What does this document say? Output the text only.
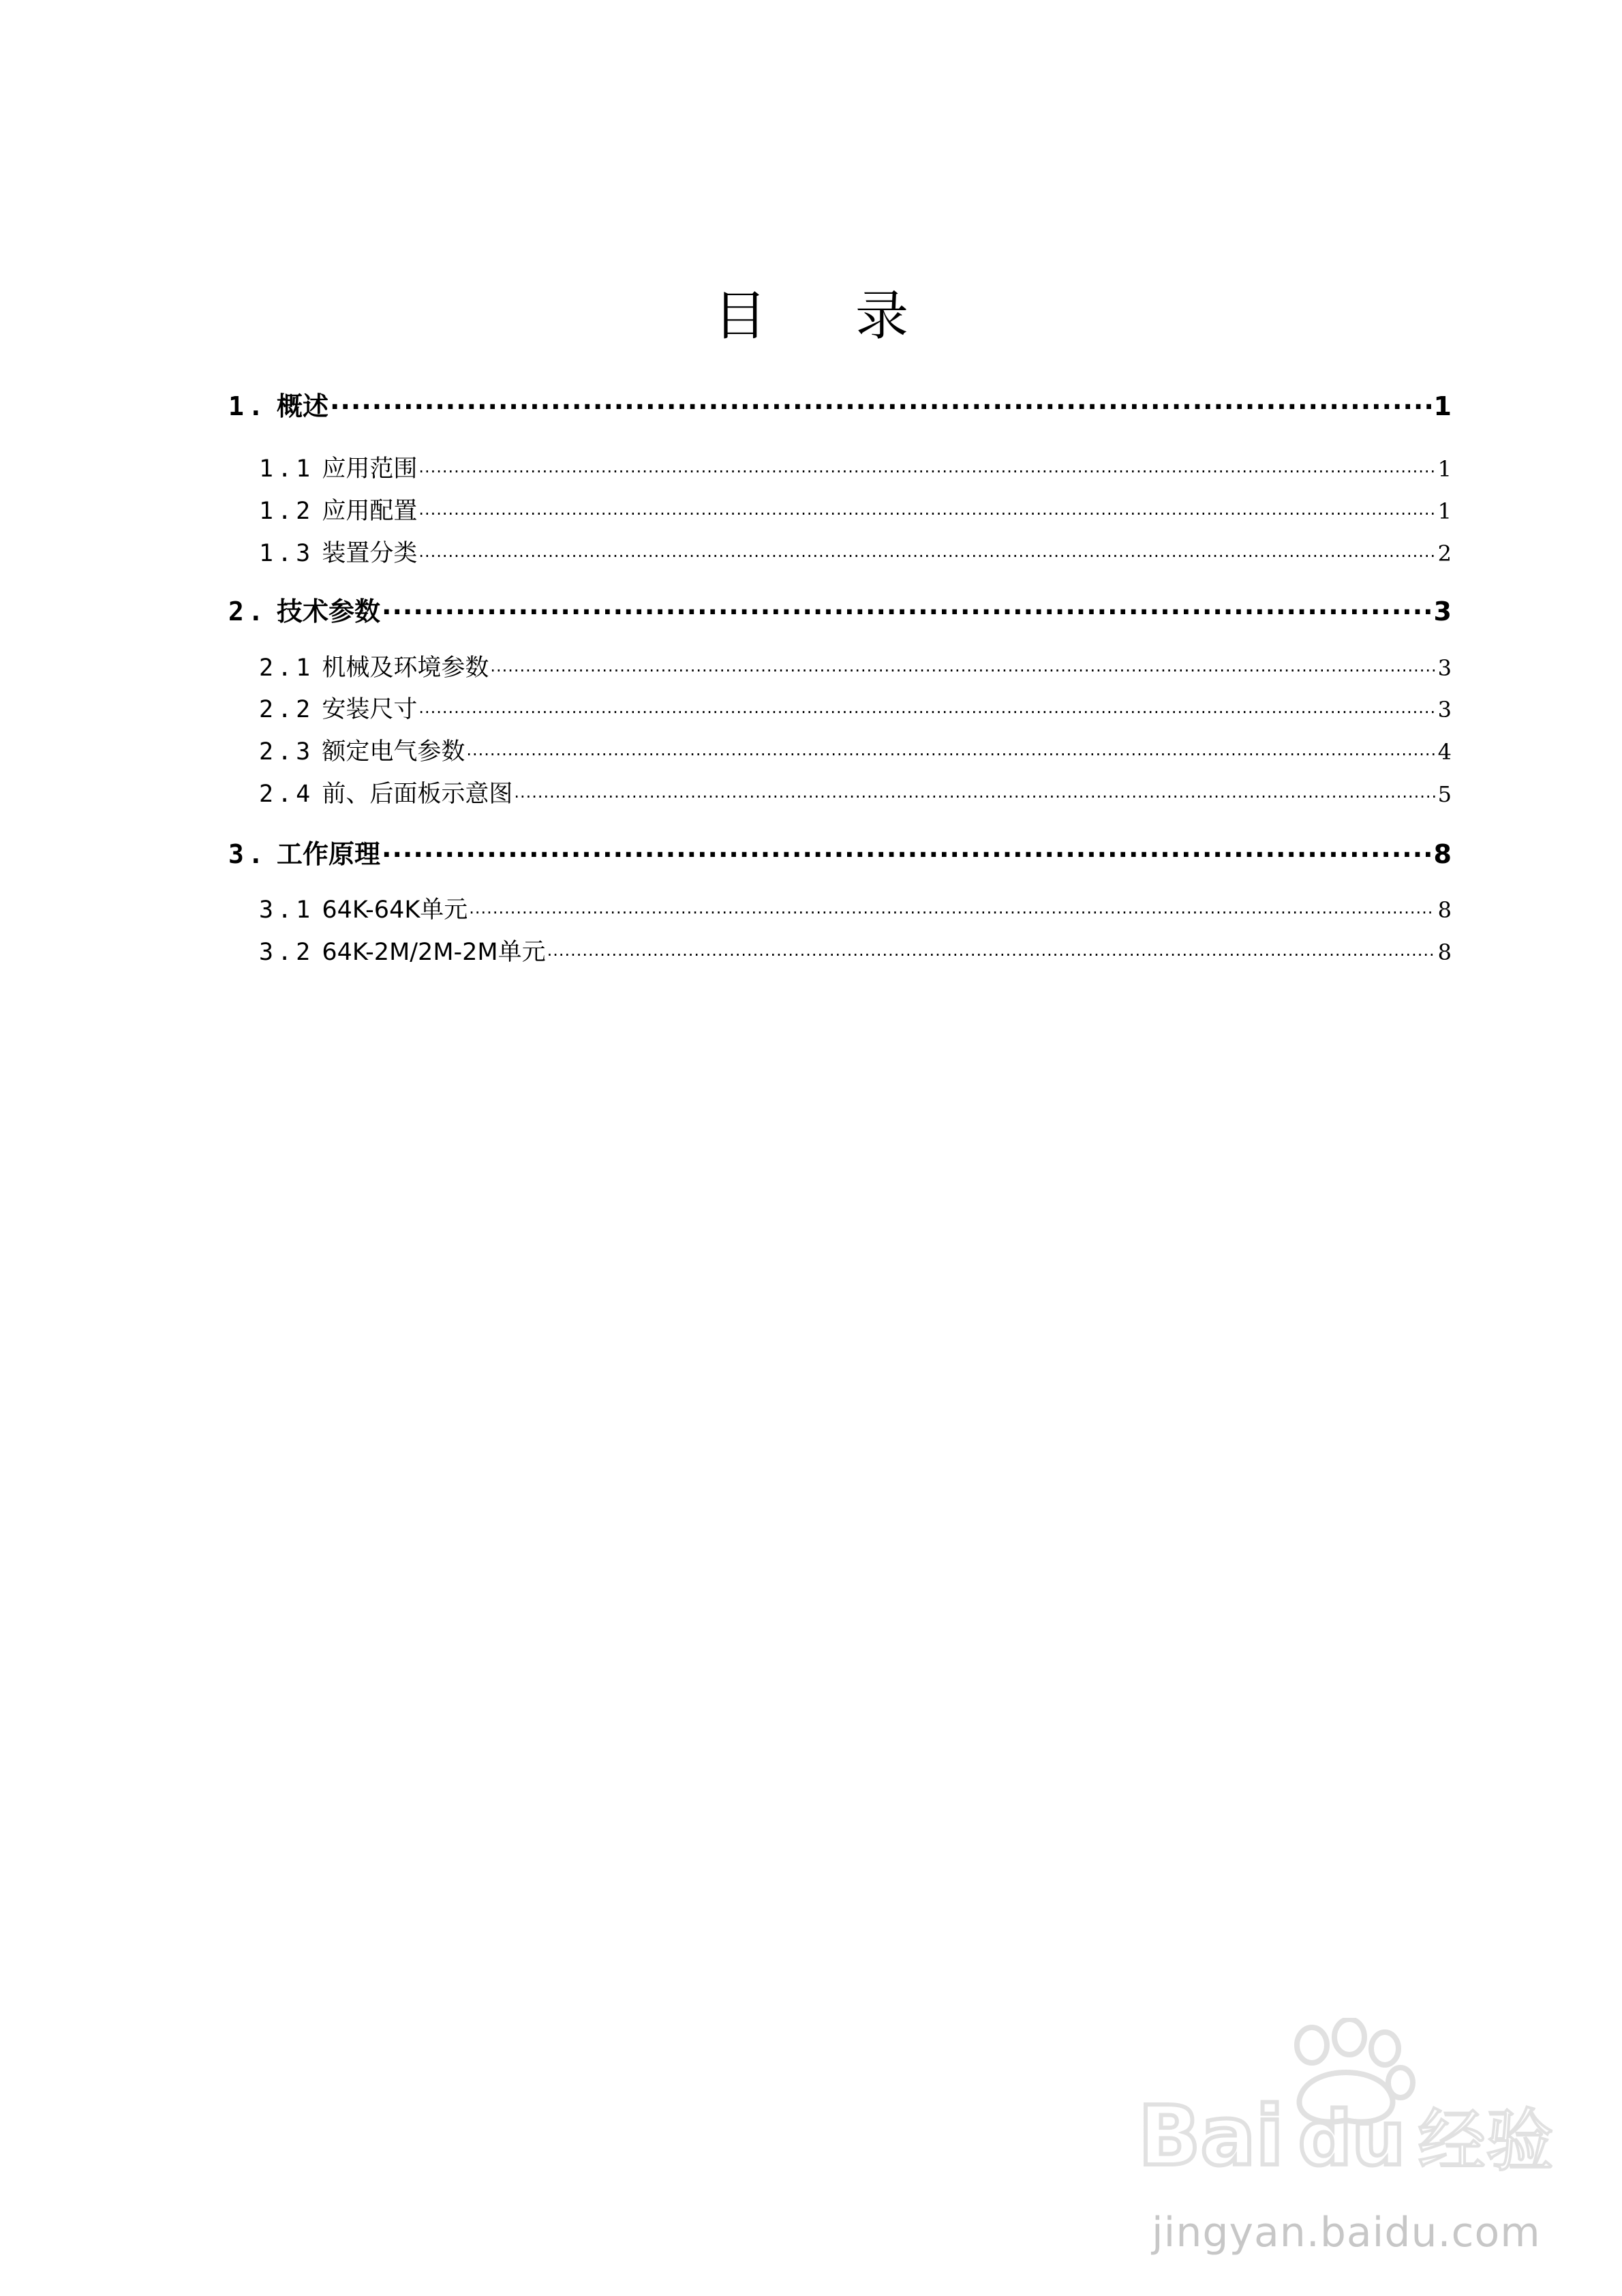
目 录
1. 概述 .....	1
1.1 应用范围 .....	1
1.2 应用配置 .....	1
1.3 装置分类 .....	2
2. 技术参数 .....	3
2.1 机械及环境参数 .....	3
2.2 安装尺寸 .....	3
2.3 额定电气参数 .....	4
2.4 前、后面板示意图 .....	5
3. 工作原理 .....	8
3.1 64K-64K单元 .....	8
3.2 64K-2M/2M-2M单元 .....	8
Bai du 经验
jingyan.baidu.com
